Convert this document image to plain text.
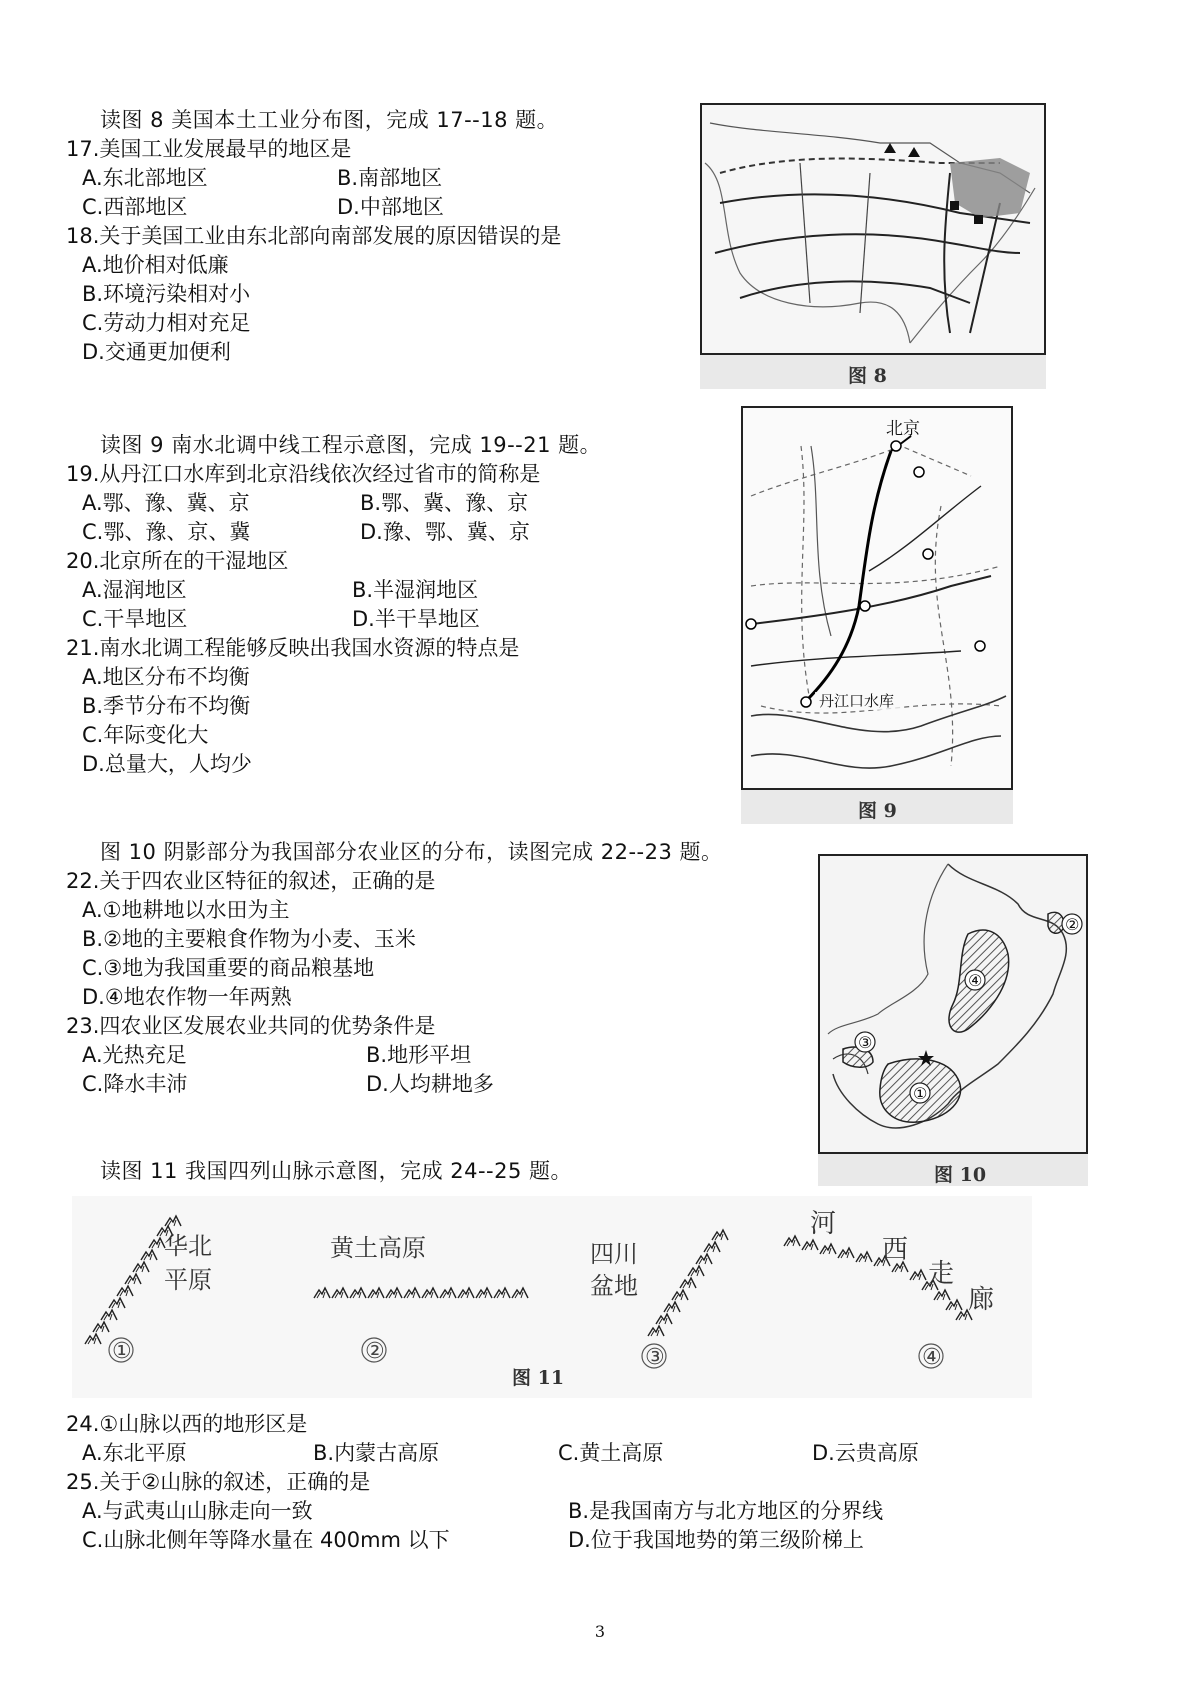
读图 8 美国本土工业分布图，完成 17--18 题。
17.美国工业发展最早的地区是
A.东北部地区	B.南部地区
C.西部地区	D.中部地区
18.关于美国工业由东北部向南部发展的原因错误的是
A.地价相对低廉
B.环境污染相对小
C.劳动力相对充足
D.交通更加便利
图 8
读图 9 南水北调中线工程示意图，完成 19--21 题。
19.从丹江口水库到北京沿线依次经过省市的简称是
A.鄂、豫、冀、京	B.鄂、冀、豫、京
C.鄂、豫、京、冀	D.豫、鄂、冀、京
20.北京所在的干湿地区
A.湿润地区	B.半湿润地区
C.干旱地区	D.半干旱地区
21.南水北调工程能够反映出我国水资源的特点是
A.地区分布不均衡
B.季节分布不均衡
C.年际变化大
D.总量大，人均少
北京
丹江口水库
图 9
图 10 阴影部分为我国部分农业区的分布，读图完成 22--23 题。
22.关于四农业区特征的叙述，正确的是
A.①地耕地以水田为主
B.②地的主要粮食作物为小麦、玉米
C.③地为我国重要的商品粮基地
D.④地农作物一年两熟
23.四农业区发展农业共同的优势条件是
A.光热充足	B.地形平坦
C.降水丰沛	D.人均耕地多	①
②
③
④
图 10
读图 11 我国四列山脉示意图，完成 24--25 题。
华北
平原
①
黄土高原
②
四川
盆地
③
河
西
走
廊
④
图 11
24.①山脉以西的地形区是
A.东北平原	B.内蒙古高原	C.黄土高原	D.云贵高原
25.关于②山脉的叙述，正确的是
A.与武夷山山脉走向一致	B.是我国南方与北方地区的分界线
C.山脉北侧年等降水量在 400mm 以下	D.位于我国地势的第三级阶梯上
3
